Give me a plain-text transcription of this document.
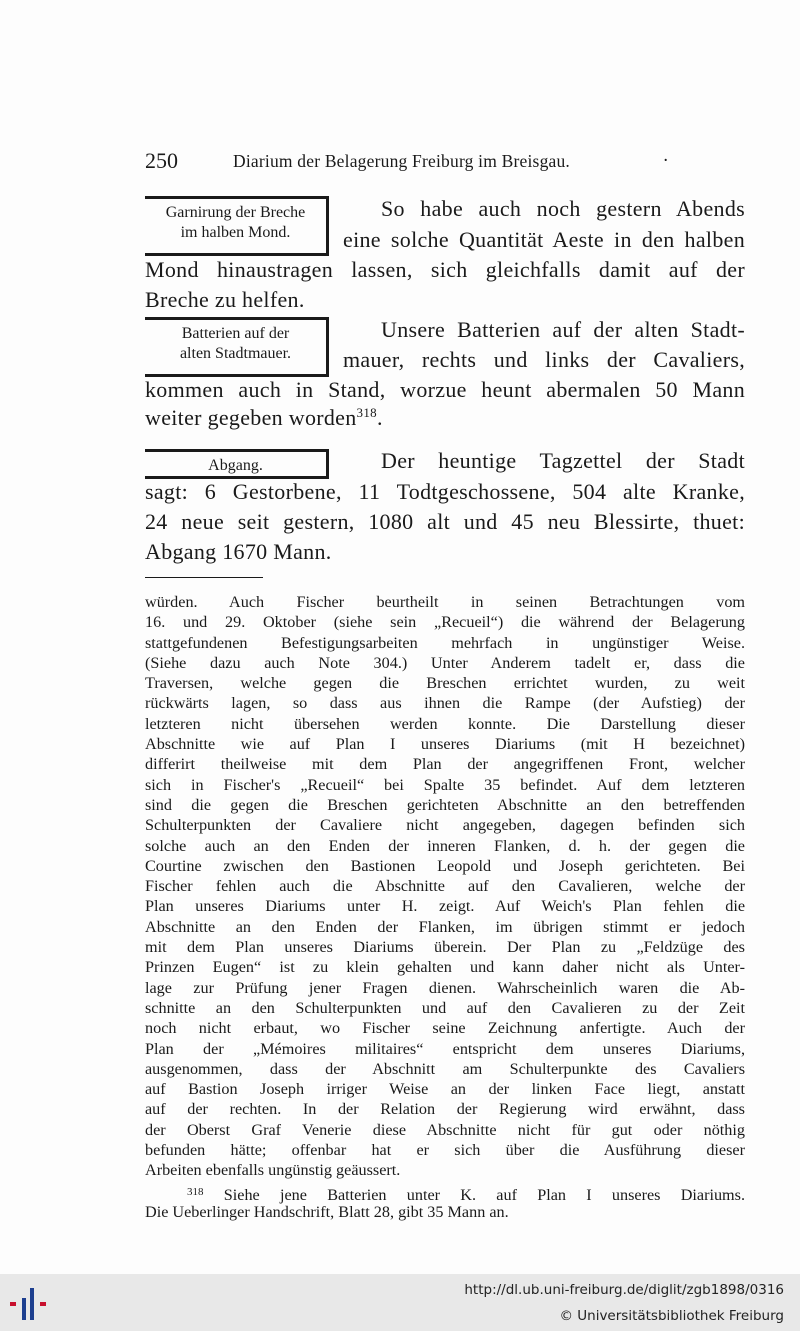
250	Diarium der Belagerung Freiburg im Breisgau.	·
Garnirung der Breche
im halben Mond.
So habe auch noch gestern Abends
eine solche Quantität Aeste in den halben
Mond hinaustragen lassen, sich gleichfalls damit auf der
Breche zu helfen.
Batterien auf der
alten Stadtmauer.
Unsere Batterien auf der alten Stadt-
mauer, rechts und links der Cavaliers,
kommen auch in Stand, worzue heunt abermalen 50 Mann
weiter gegeben worden$^{318}$.
Abgang.	Der heuntige Tagzettel der Stadt
sagt: 6 Gestorbene, 11 Todtgeschossene, 504 alte Kranke,
24 neue seit gestern, 1080 alt und 45 neu Blessirte, thuet:
Abgang 1670 Mann.
würden. Auch Fischer beurtheilt in seinen Betrachtungen vom
16. und 29. Oktober (siehe sein „Recueil“) die während der Belagerung
stattgefundenen Befestigungsarbeiten mehrfach in ungünstiger Weise.
(Siehe dazu auch Note 304.) Unter Anderem tadelt er, dass die
Traversen, welche gegen die Breschen errichtet wurden, zu weit
rückwärts lagen, so dass aus ihnen die Rampe (der Aufstieg) der
letzteren nicht übersehen werden konnte. Die Darstellung dieser
Abschnitte wie auf Plan I unseres Diariums (mit H bezeichnet)
differirt theilweise mit dem Plan der angegriffenen Front, welcher
sich in Fischer's „Recueil“ bei Spalte 35 befindet. Auf dem letzteren
sind die gegen die Breschen gerichteten Abschnitte an den betreffenden
Schulterpunkten der Cavaliere nicht angegeben, dagegen befinden sich
solche auch an den Enden der inneren Flanken, d. h. der gegen die
Courtine zwischen den Bastionen Leopold und Joseph gerichteten. Bei
Fischer fehlen auch die Abschnitte auf den Cavalieren, welche der
Plan unseres Diariums unter H. zeigt. Auf Weich's Plan fehlen die
Abschnitte an den Enden der Flanken, im übrigen stimmt er jedoch
mit dem Plan unseres Diariums überein. Der Plan zu „Feldzüge des
Prinzen Eugen“ ist zu klein gehalten und kann daher nicht als Unter-
lage zur Prüfung jener Fragen dienen. Wahrscheinlich waren die Ab-
schnitte an den Schulterpunkten und auf den Cavalieren zu der Zeit
noch nicht erbaut, wo Fischer seine Zeichnung anfertigte. Auch der
Plan der „Mémoires militaires“ entspricht dem unseres Diariums,
ausgenommen, dass der Abschnitt am Schulterpunkte des Cavaliers
auf Bastion Joseph irriger Weise an der linken Face liegt, anstatt
auf der rechten. In der Relation der Regierung wird erwähnt, dass
der Oberst Graf Venerie diese Abschnitte nicht für gut oder nöthig
befunden hätte; offenbar hat er sich über die Ausführung dieser
Arbeiten ebenfalls ungünstig geäussert.
$^{318}$ Siehe jene Batterien unter K. auf Plan I unseres Diariums.
Die Ueberlinger Handschrift, Blatt 28, gibt 35 Mann an.
http://dl.ub.uni-freiburg.de/diglit/zgb1898/0316
© Universitätsbibliothek Freiburg
